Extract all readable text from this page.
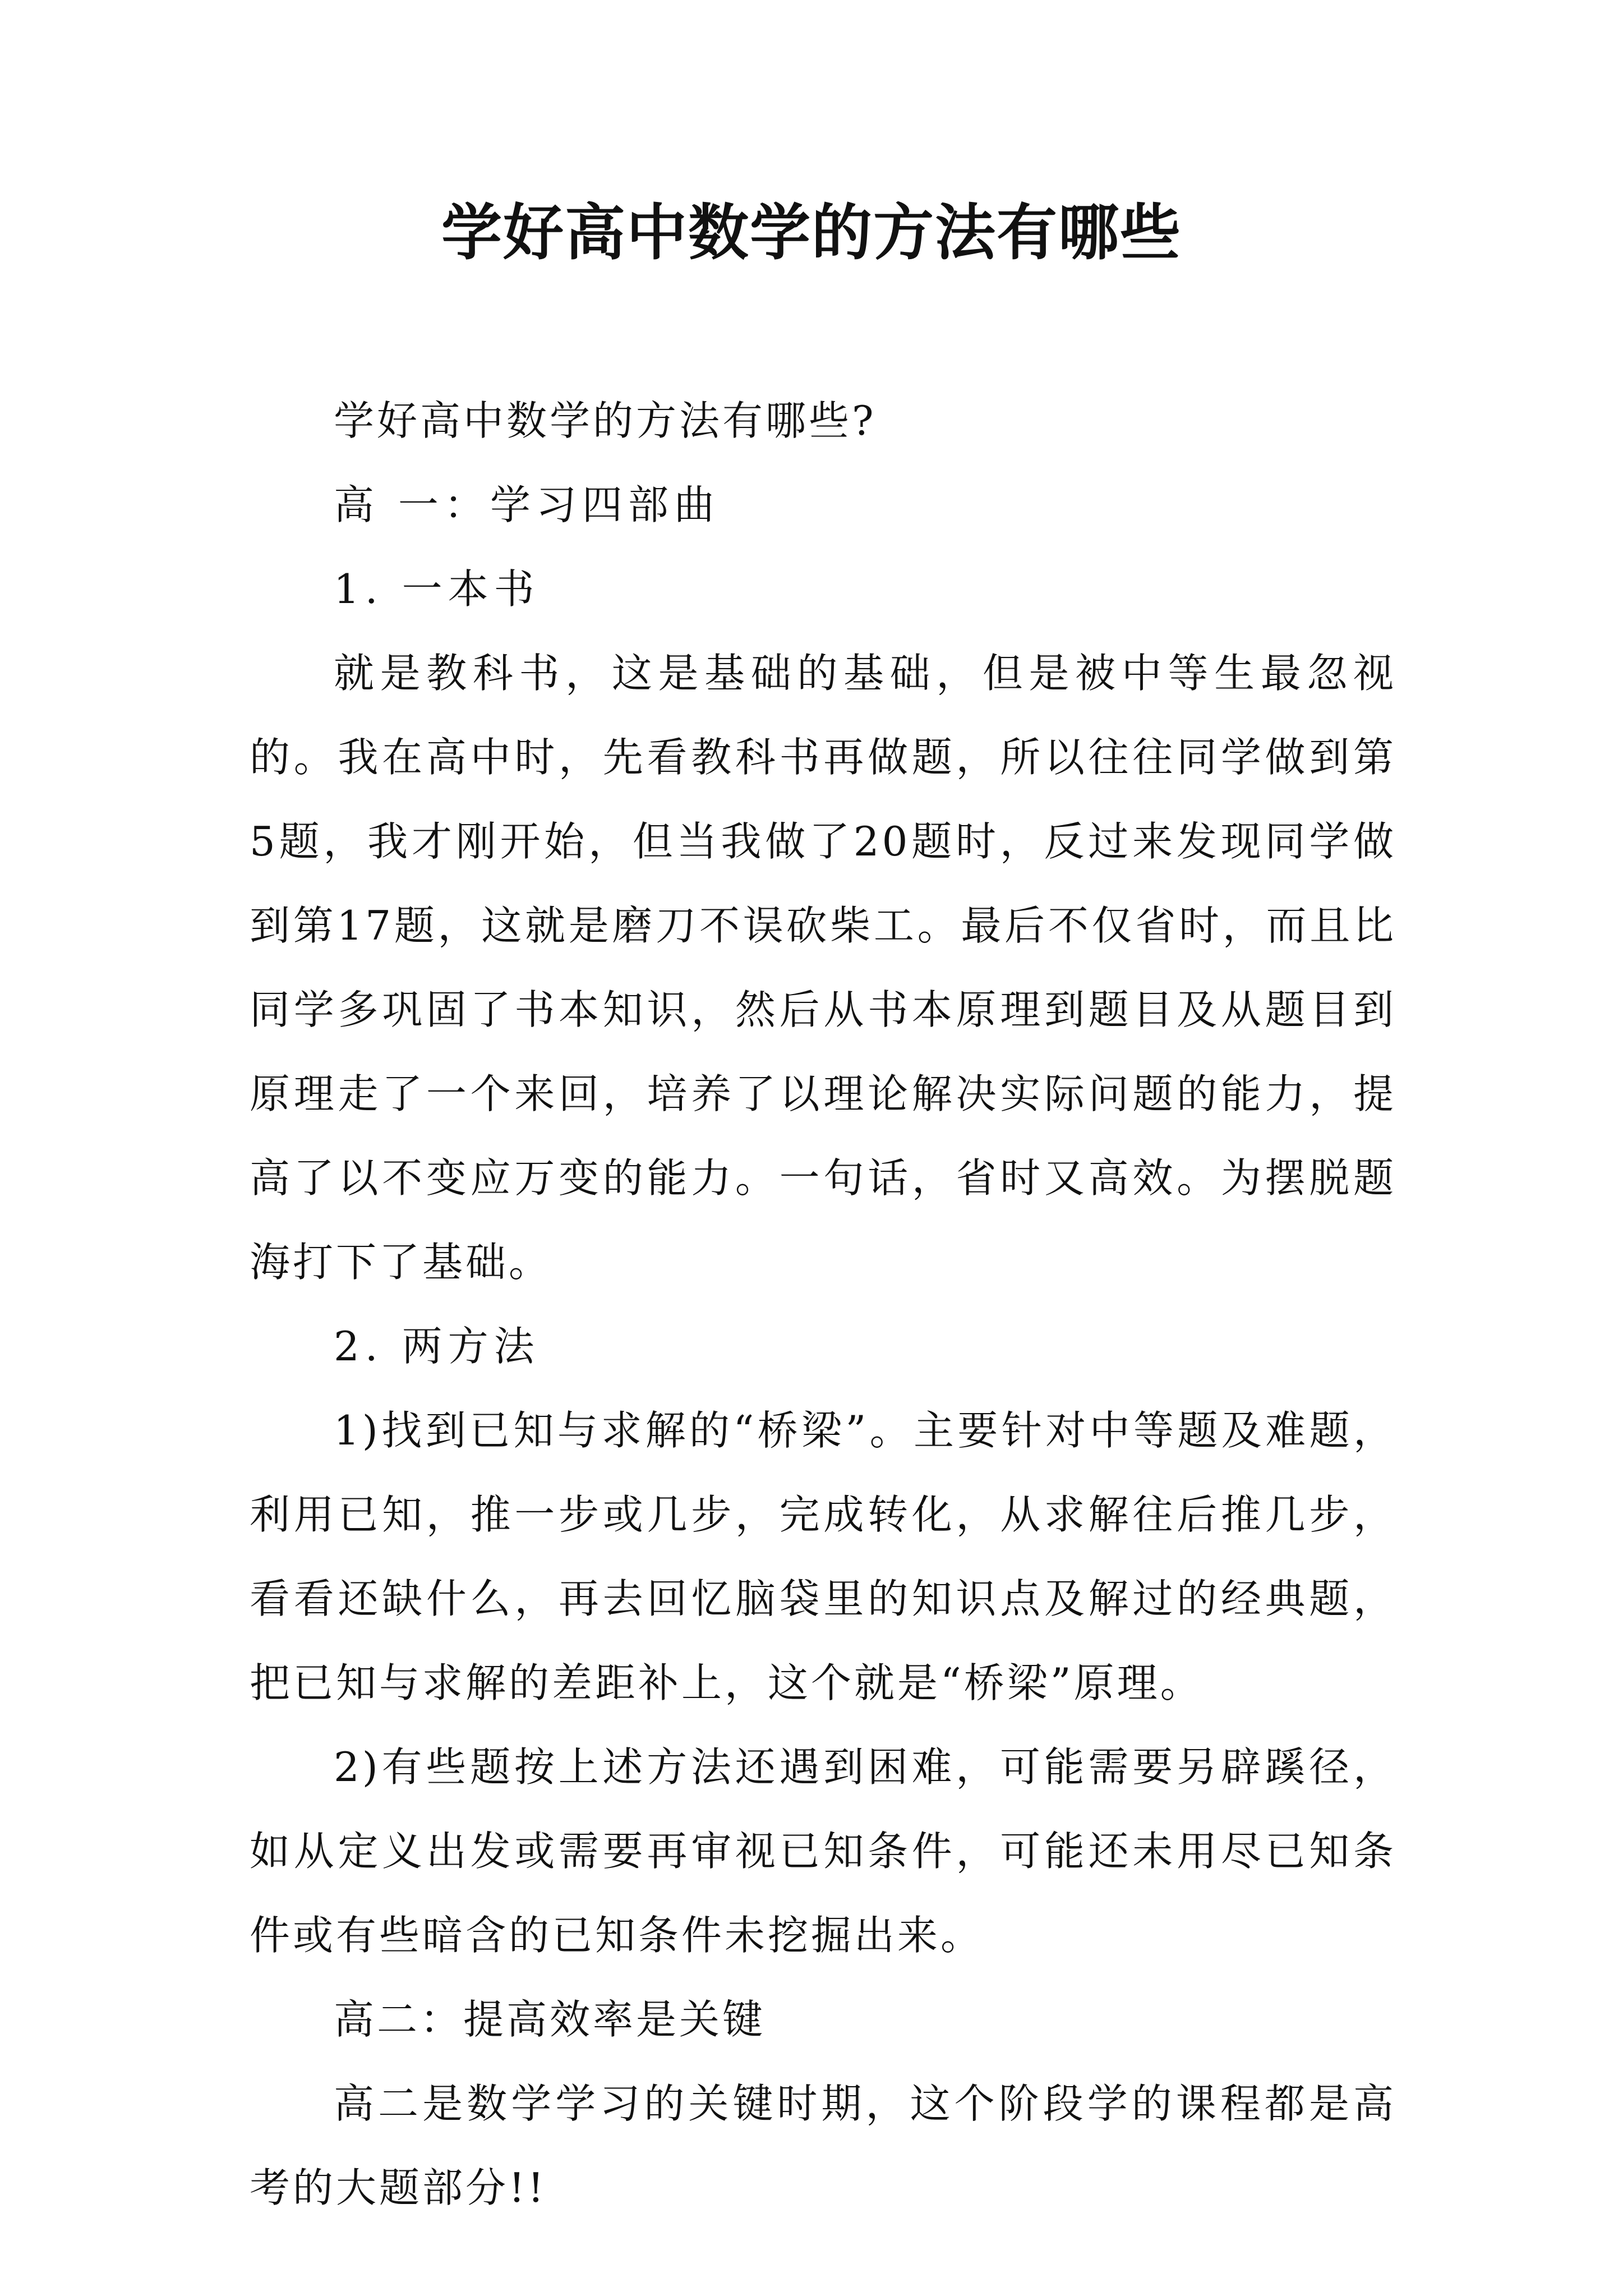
学好高中数学的方法有哪些

学好高中数学的方法有哪些?

高 一：学习四部曲

1. 一本书

就是教科书，这是基础的基础，但是被中等生最忽视的。我在高中时，先看教科书再做题，所以往往同学做到第5题，我才刚开始，但当我做了20题时，反过来发现同学做到第17题，这就是磨刀不误砍柴工。最后不仅省时，而且比同学多巩固了书本知识，然后从书本原理到题目及从题目到原理走了一个来回，培养了以理论解决实际问题的能力，提高了以不变应万变的能力。一句话，省时又高效。为摆脱题海打下了基础。

2. 两方法

1)找到已知与求解的“桥梁”。主要针对中等题及难题，利用已知，推一步或几步，完成转化，从求解往后推几步，看看还缺什么，再去回忆脑袋里的知识点及解过的经典题，把已知与求解的差距补上，这个就是“桥梁”原理。

2)有些题按上述方法还遇到困难，可能需要另辟蹊径，如从定义出发或需要再审视已知条件，可能还未用尽已知条件或有些暗含的已知条件未挖掘出来。

高二：提高效率是关键

高二是数学学习的关键时期，这个阶段学的课程都是高考的大题部分!!
